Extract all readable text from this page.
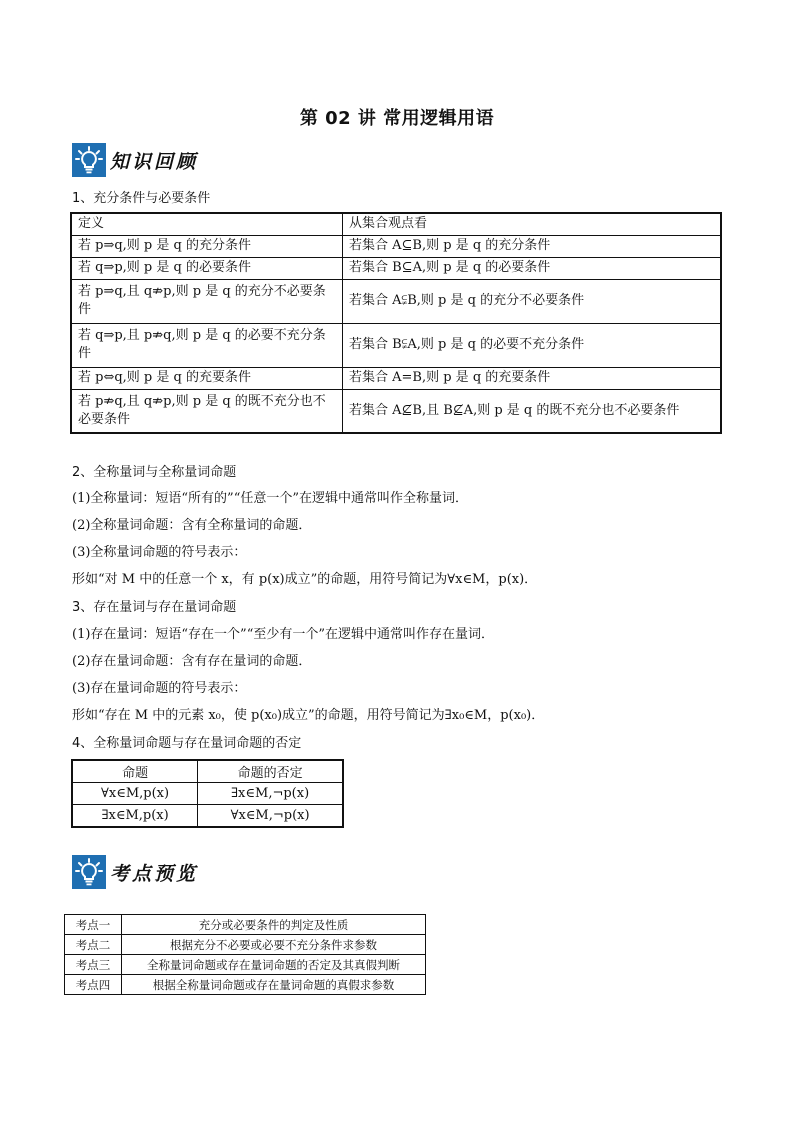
第 02 讲 常用逻辑用语
知识回顾
1、充分条件与必要条件
定义	从集合观点看
若 p⇒q,则 p 是 q 的充分条件	若集合 A⊆B,则 p 是 q 的充分条件
若 q⇒p,则 p 是 q 的必要条件	若集合 B⊆A,则 p 是 q 的必要条件
若 p⇒q,且 q⇏p,则 p 是 q 的充分不必要条件	若集合 A⫋B,则 p 是 q 的充分不必要条件
若 q⇒p,且 p⇏q,则 p 是 q 的必要不充分条件	若集合 B⫋A,则 p 是 q 的必要不充分条件
若 p⇔q,则 p 是 q 的充要条件	若集合 A=B,则 p 是 q 的充要条件
若 p⇏q,且 q⇏p,则 p 是 q 的既不充分也不必要条件	若集合 A⊈B,且 B⊈A,则 p 是 q 的既不充分也不必要条件
2、全称量词与全称量词命题
(1)全称量词：短语“所有的”“任意一个”在逻辑中通常叫作全称量词．
(2)全称量词命题：含有全称量词的命题．
(3)全称量词命题的符号表示：
形如“对 M 中的任意一个 x，有 p(x)成立”的命题，用符号简记为∀x∈M，p(x)．
3、存在量词与存在量词命题
(1)存在量词：短语“存在一个”“至少有一个”在逻辑中通常叫作存在量词．
(2)存在量词命题：含有存在量词的命题．
(3)存在量词命题的符号表示：
形如“存在 M 中的元素 x₀，使 p(x₀)成立”的命题，用符号简记为∃x₀∈M，p(x₀)．
4、全称量词命题与存在量词命题的否定
命题	命题的否定
∀x∈M,p(x)	∃x∈M,¬p(x)
∃x∈M,p(x)	∀x∈M,¬p(x)
考点预览
考点一	充分或必要条件的判定及性质
考点二	根据充分不必要或必要不充分条件求参数
考点三	全称量词命题或存在量词命题的否定及其真假判断
考点四	根据全称量词命题或存在量词命题的真假求参数
